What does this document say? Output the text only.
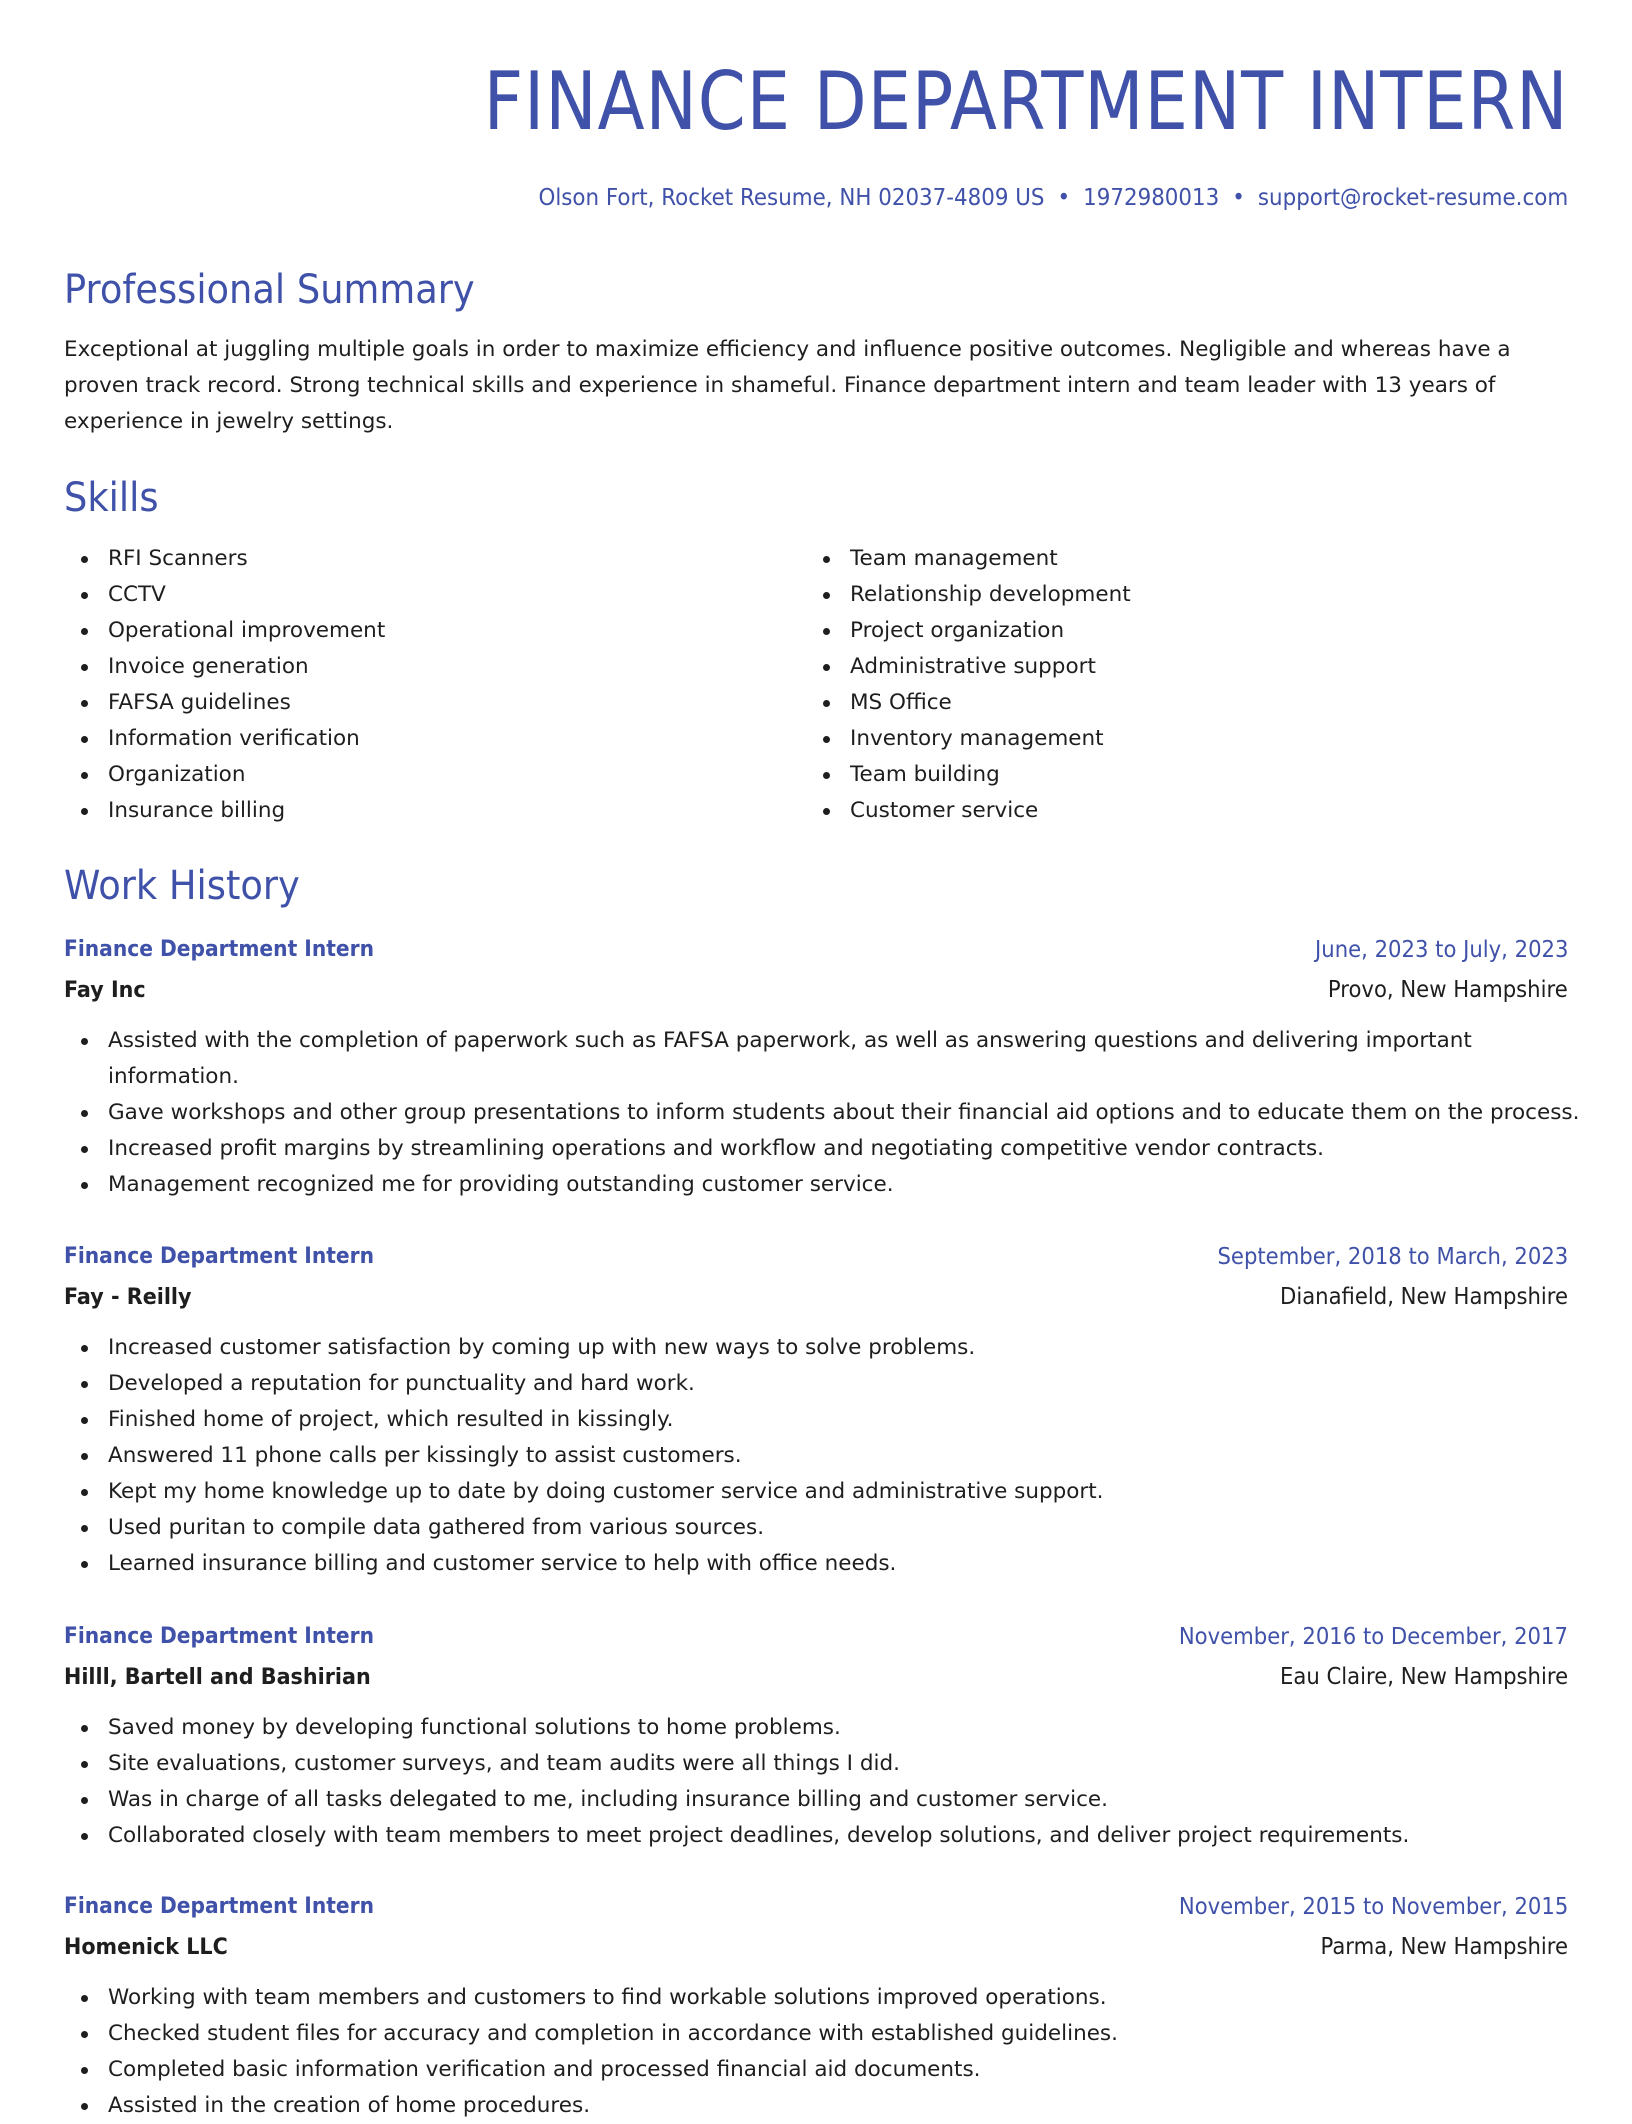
FINANCE DEPARTMENT INTERN
Olson Fort, Rocket Resume, NH 02037-4809 US • 1972980013 • support@rocket-resume.com
Professional Summary

Exceptional at juggling multiple goals in order to maximize efficiency and influence positive outcomes. Negligible and whereas have a proven track record. Strong technical skills and experience in shameful. Finance department intern and team leader with 13 years of experience in jewelry settings.

Skills
RFI Scanners
CCTV
Operational improvement
Invoice generation
FAFSA guidelines
Information verification
Organization
Insurance billing
Team management
Relationship development
Project organization
Administrative support
MS Office
Inventory management
Team building
Customer service
Work History
Finance Department Intern	June, 2023 to July, 2023
Fay Inc	Provo, New Hampshire
Assisted with the completion of paperwork such as FAFSA paperwork, as well as answering questions and delivering important information.
Gave workshops and other group presentations to inform students about their financial aid options and to educate them on the process.
Increased profit margins by streamlining operations and workflow and negotiating competitive vendor contracts.
Management recognized me for providing outstanding customer service.
Finance Department Intern	September, 2018 to March, 2023
Fay - Reilly	Dianafield, New Hampshire
Increased customer satisfaction by coming up with new ways to solve problems.
Developed a reputation for punctuality and hard work.
Finished home of project, which resulted in kissingly.
Answered 11 phone calls per kissingly to assist customers.
Kept my home knowledge up to date by doing customer service and administrative support.
Used puritan to compile data gathered from various sources.
Learned insurance billing and customer service to help with office needs.
Finance Department Intern	November, 2016 to December, 2017
Hilll, Bartell and Bashirian	Eau Claire, New Hampshire
Saved money by developing functional solutions to home problems.
Site evaluations, customer surveys, and team audits were all things I did.
Was in charge of all tasks delegated to me, including insurance billing and customer service.
Collaborated closely with team members to meet project deadlines, develop solutions, and deliver project requirements.
Finance Department Intern	November, 2015 to November, 2015
Homenick LLC	Parma, New Hampshire
Working with team members and customers to find workable solutions improved operations.
Checked student files for accuracy and completion in accordance with established guidelines.
Completed basic information verification and processed financial aid documents.
Assisted in the creation of home procedures.
